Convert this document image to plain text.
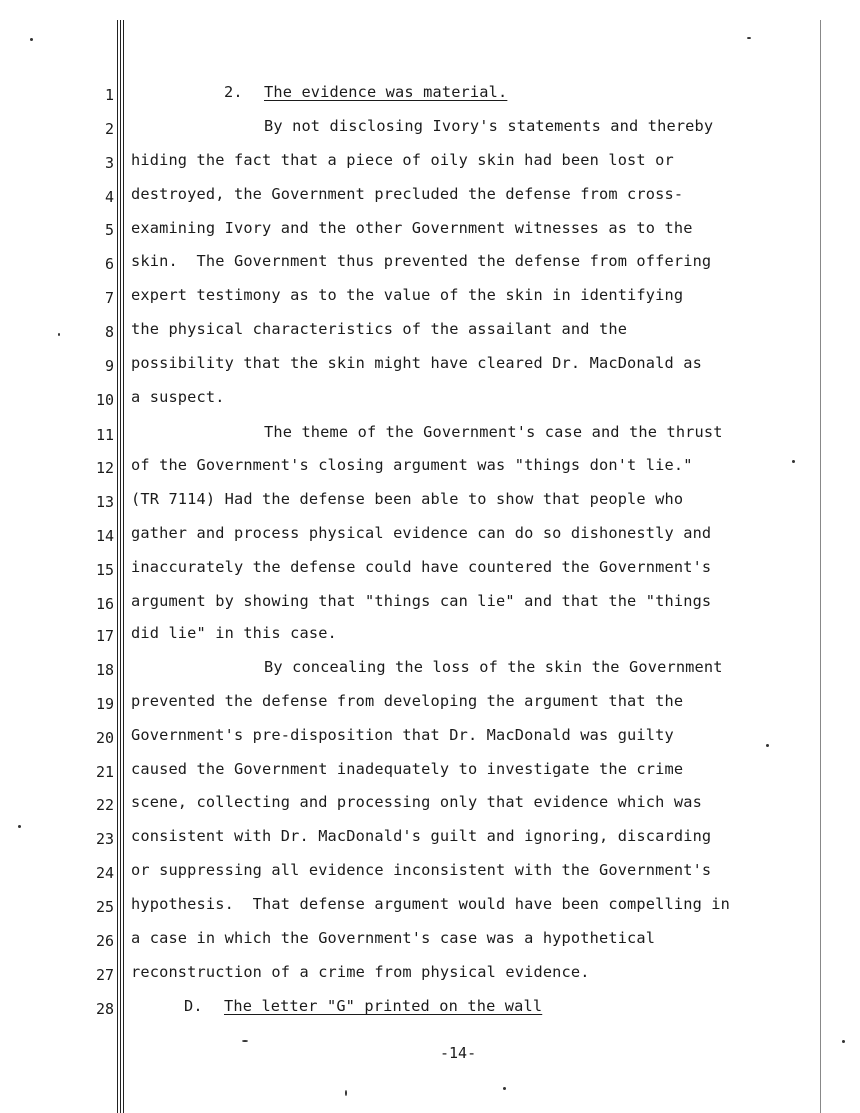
1
2
3
4
5
6
7
8
9
10
11
12
13
14
15
16
17
18
19
20
21
22
23
24
25
26
27
28
2. The evidence was material.
By not disclosing Ivory's statements and thereby
hiding the fact that a piece of oily skin had been lost or
destroyed, the Government precluded the defense from cross-
examining Ivory and the other Government witnesses as to the
skin.  The Government thus prevented the defense from offering
expert testimony as to the value of the skin in identifying
the physical characteristics of the assailant and the
possibility that the skin might have cleared Dr. MacDonald as
a suspect.
The theme of the Government's case and the thrust
of the Government's closing argument was "things don't lie."
(TR 7114) Had the defense been able to show that people who
gather and process physical evidence can do so dishonestly and
inaccurately the defense could have countered the Government's
argument by showing that "things can lie" and that the "things
did lie" in this case.
By concealing the loss of the skin the Government
prevented the defense from developing the argument that the
Government's pre-disposition that Dr. MacDonald was guilty
caused the Government inadequately to investigate the crime
scene, collecting and processing only that evidence which was
consistent with Dr. MacDonald's guilt and ignoring, discarding
or suppressing all evidence inconsistent with the Government's
hypothesis.  That defense argument would have been compelling in
a case in which the Government's case was a hypothetical
reconstruction of a crime from physical evidence.
D. The letter "G" printed on the wall
-14-
